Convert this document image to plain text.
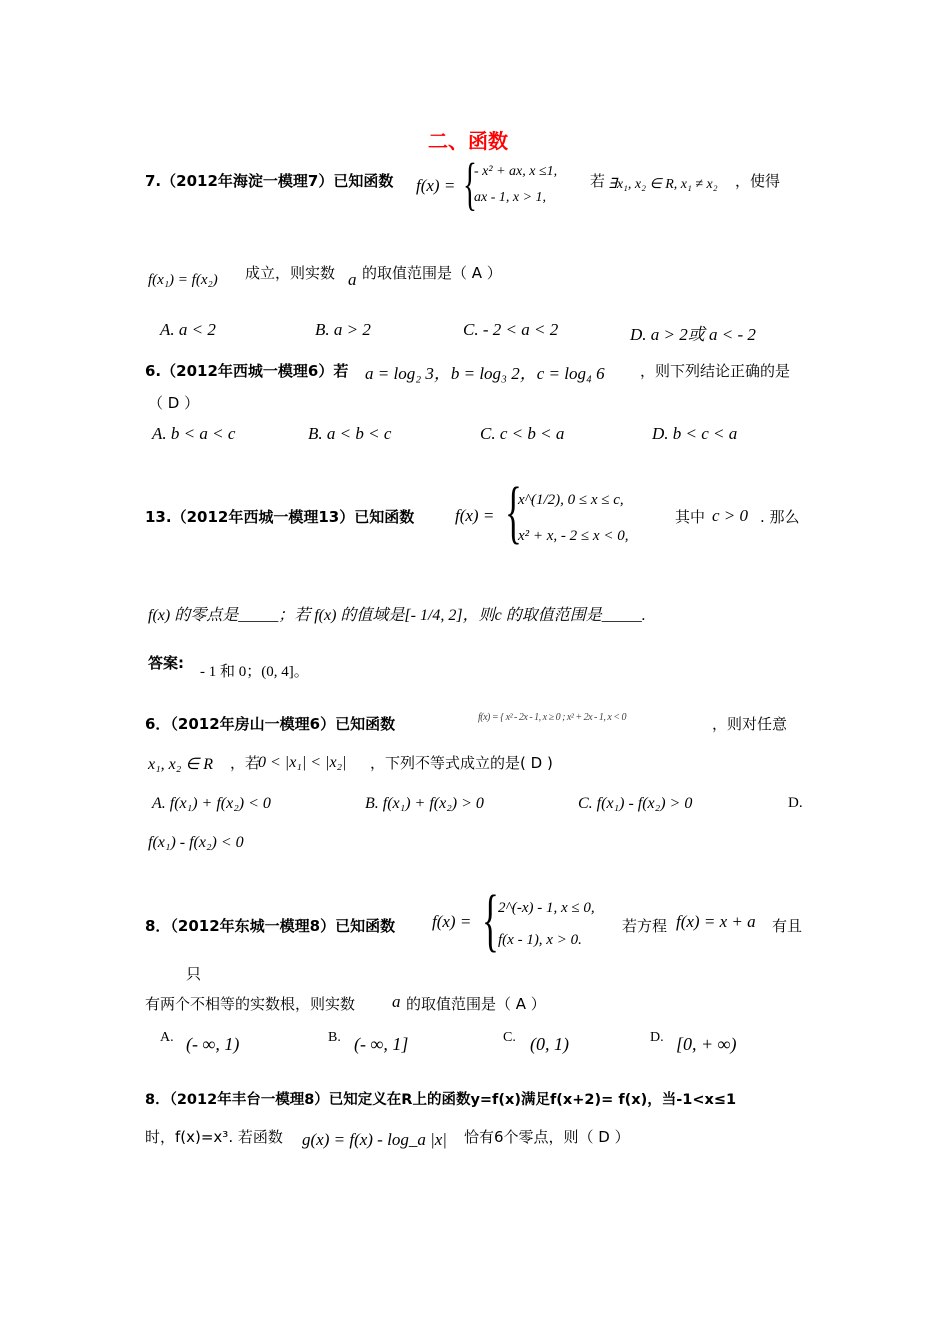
二、函数
7.（2012年海淀一模理7）已知函数 f(x) = {
- x² + ax, x ≤1,
ax - 1, x > 1,
若 ∃x₁, x₂ ∈ R, x₁ ≠ x₂ ，使得
f(x₁) = f(x₂) 成立，则实数 a 的取值范围是（ A ）
A. a < 2	B. a > 2	C. - 2 < a < 2	D. a > 2或 a < - 2
6.（2012年西城一模理6）若 a = log₂ 3，b = log₃ 2，c = log₄ 6 ，则下列结论正确的是
（ D ）
A. b < a < c	B. a < b < c	C. c < b < a	D. b < c < a
13.（2012年西城一模理13）已知函数 f(x) = {
x^(1/2), 0 ≤ x ≤ c,
x² + x, - 2 ≤ x < 0,
其中 c > 0 . 那么
f(x) 的零点是_____；若 f(x) 的值域是[- 1/4, 2]，则c 的取值范围是_____.
答案: - 1 和 0；(0, 4]。
6．（2012年房山一模理6）已知函数	f(x) = { x² - 2x - 1, x ≥ 0 ; x² + 2x - 1, x < 0	，则对任意
x₁, x₂ ∈ R ，若
0 < |x₁| < |x₂| ，下列不等式成立的是( D )
A. f(x₁) + f(x₂) < 0	B. f(x₁) + f(x₂) > 0	C. f(x₁) - f(x₂) > 0	D.
f(x₁) - f(x₂) < 0
8．（2012年东城一模理8）已知函数 f(x) = { 2^(-x) - 1, x ≤ 0,
f(x - 1), x > 0.
若方程 f(x) = x + a 有且
只
有两个不相等的实数根，则实数 a 的取值范围是（ A ）
A. (- ∞, 1)	B. (- ∞, 1]	C. (0, 1)	D. [0, + ∞)
8．（2012年丰台一模理8）已知定义在R上的函数y=f(x)满足f(x+2)= f(x)，当-1<x≤1
时，f(x)=x³. 若函数 g(x) = f(x) - log_a |x| 恰有6个零点，则（ D ）
